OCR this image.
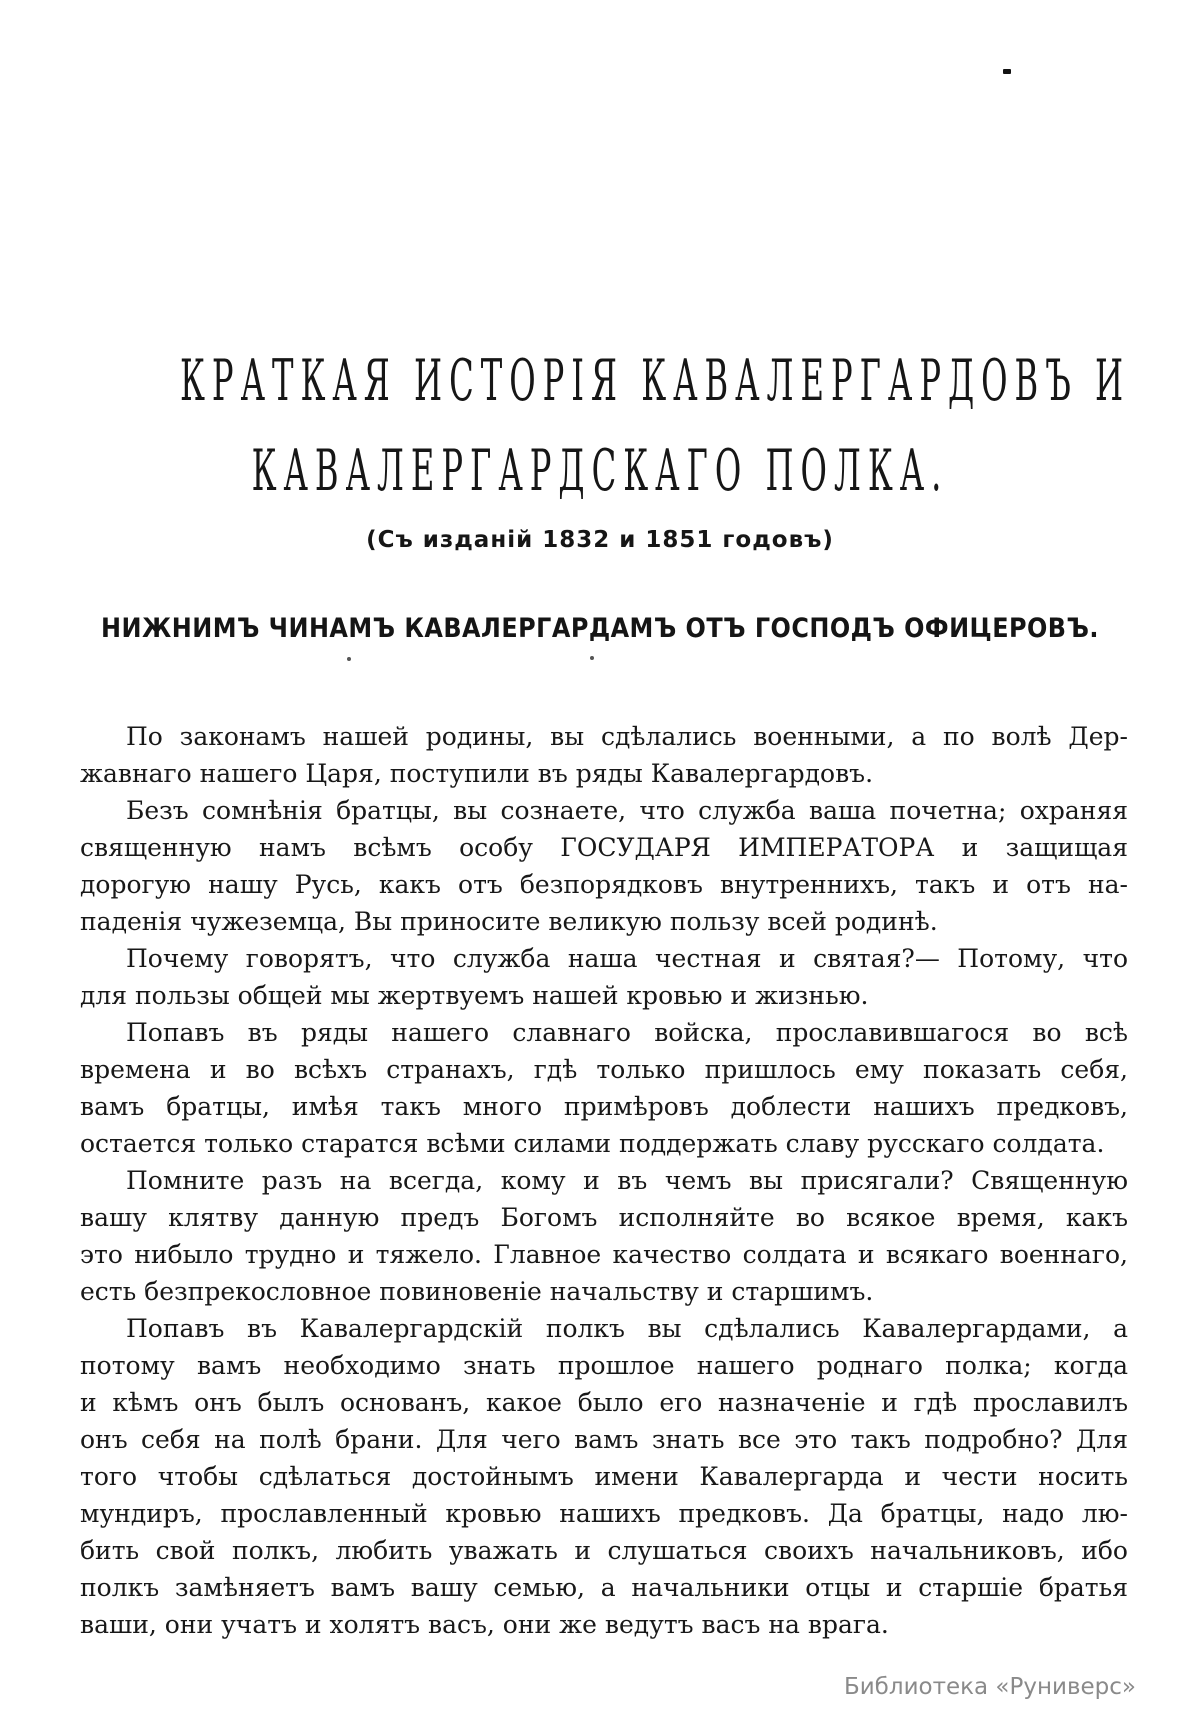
КРАТКАЯ ИСТОРІЯ КАВАЛЕРГАРДОВЪ И
КАВАЛЕРГАРДСКАГО ПОЛКА.
(Съ изданій 1832 и 1851 годовъ)
НИЖНИМЪ ЧИНАМЪ КАВАЛЕРГАРДАМЪ ОТЪ ГОСПОДЪ ОФИЦЕРОВЪ.
По законамъ нашей родины, вы сдѣлались военными, а по волѣ Дер-
жавнаго нашего Царя, поступили въ ряды Кавалергардовъ.
Безъ сомнѣнія братцы, вы сознаете, что служба ваша почетна; охраняя
священную намъ всѣмъ особу ГОСУДАРЯ ИМПЕРАТОРА и защищая
дорогую нашу Русь, какъ отъ безпорядковъ внутреннихъ, такъ и отъ на-
паденія чужеземца, Вы приносите великую пользу всей родинѣ.
Почему говорятъ, что служба наша честная и святая?— Потому, что
для пользы общей мы жертвуемъ нашей кровью и жизнью.
Попавъ въ ряды нашего славнаго войска, прославившагося во всѣ
времена и во всѣхъ странахъ, гдѣ только пришлось ему показать себя,
вамъ братцы, имѣя такъ много примѣровъ доблести нашихъ предковъ,
остается только старатся всѣми силами поддержать славу русскаго солдата.
Помните разъ на всегда, кому и въ чемъ вы присягали? Священную
вашу клятву данную предъ Богомъ исполняйте во всякое время, какъ
это нибыло трудно и тяжело. Главное качество солдата и всякаго военнаго,
есть безпрекословное повиновеніе начальству и старшимъ.
Попавъ въ Кавалергардскій полкъ вы сдѣлались Кавалергардами, а
потому вамъ необходимо знать прошлое нашего роднаго полка; когда
и кѣмъ онъ былъ основанъ, какое было его назначеніе и гдѣ прославилъ
онъ себя на полѣ брани. Для чего вамъ знать все это такъ подробно? Для
того чтобы сдѣлаться достойнымъ имени Кавалергарда и чести носить
мундиръ, прославленный кровью нашихъ предковъ. Да братцы, надо лю-
бить свой полкъ, любить уважать и слушаться своихъ начальниковъ, ибо
полкъ замѣняетъ вамъ вашу семью, а начальники отцы и старшіе братья
ваши, они учатъ и холятъ васъ, они же ведутъ васъ на врага.
Библиотека «Руниверс»
